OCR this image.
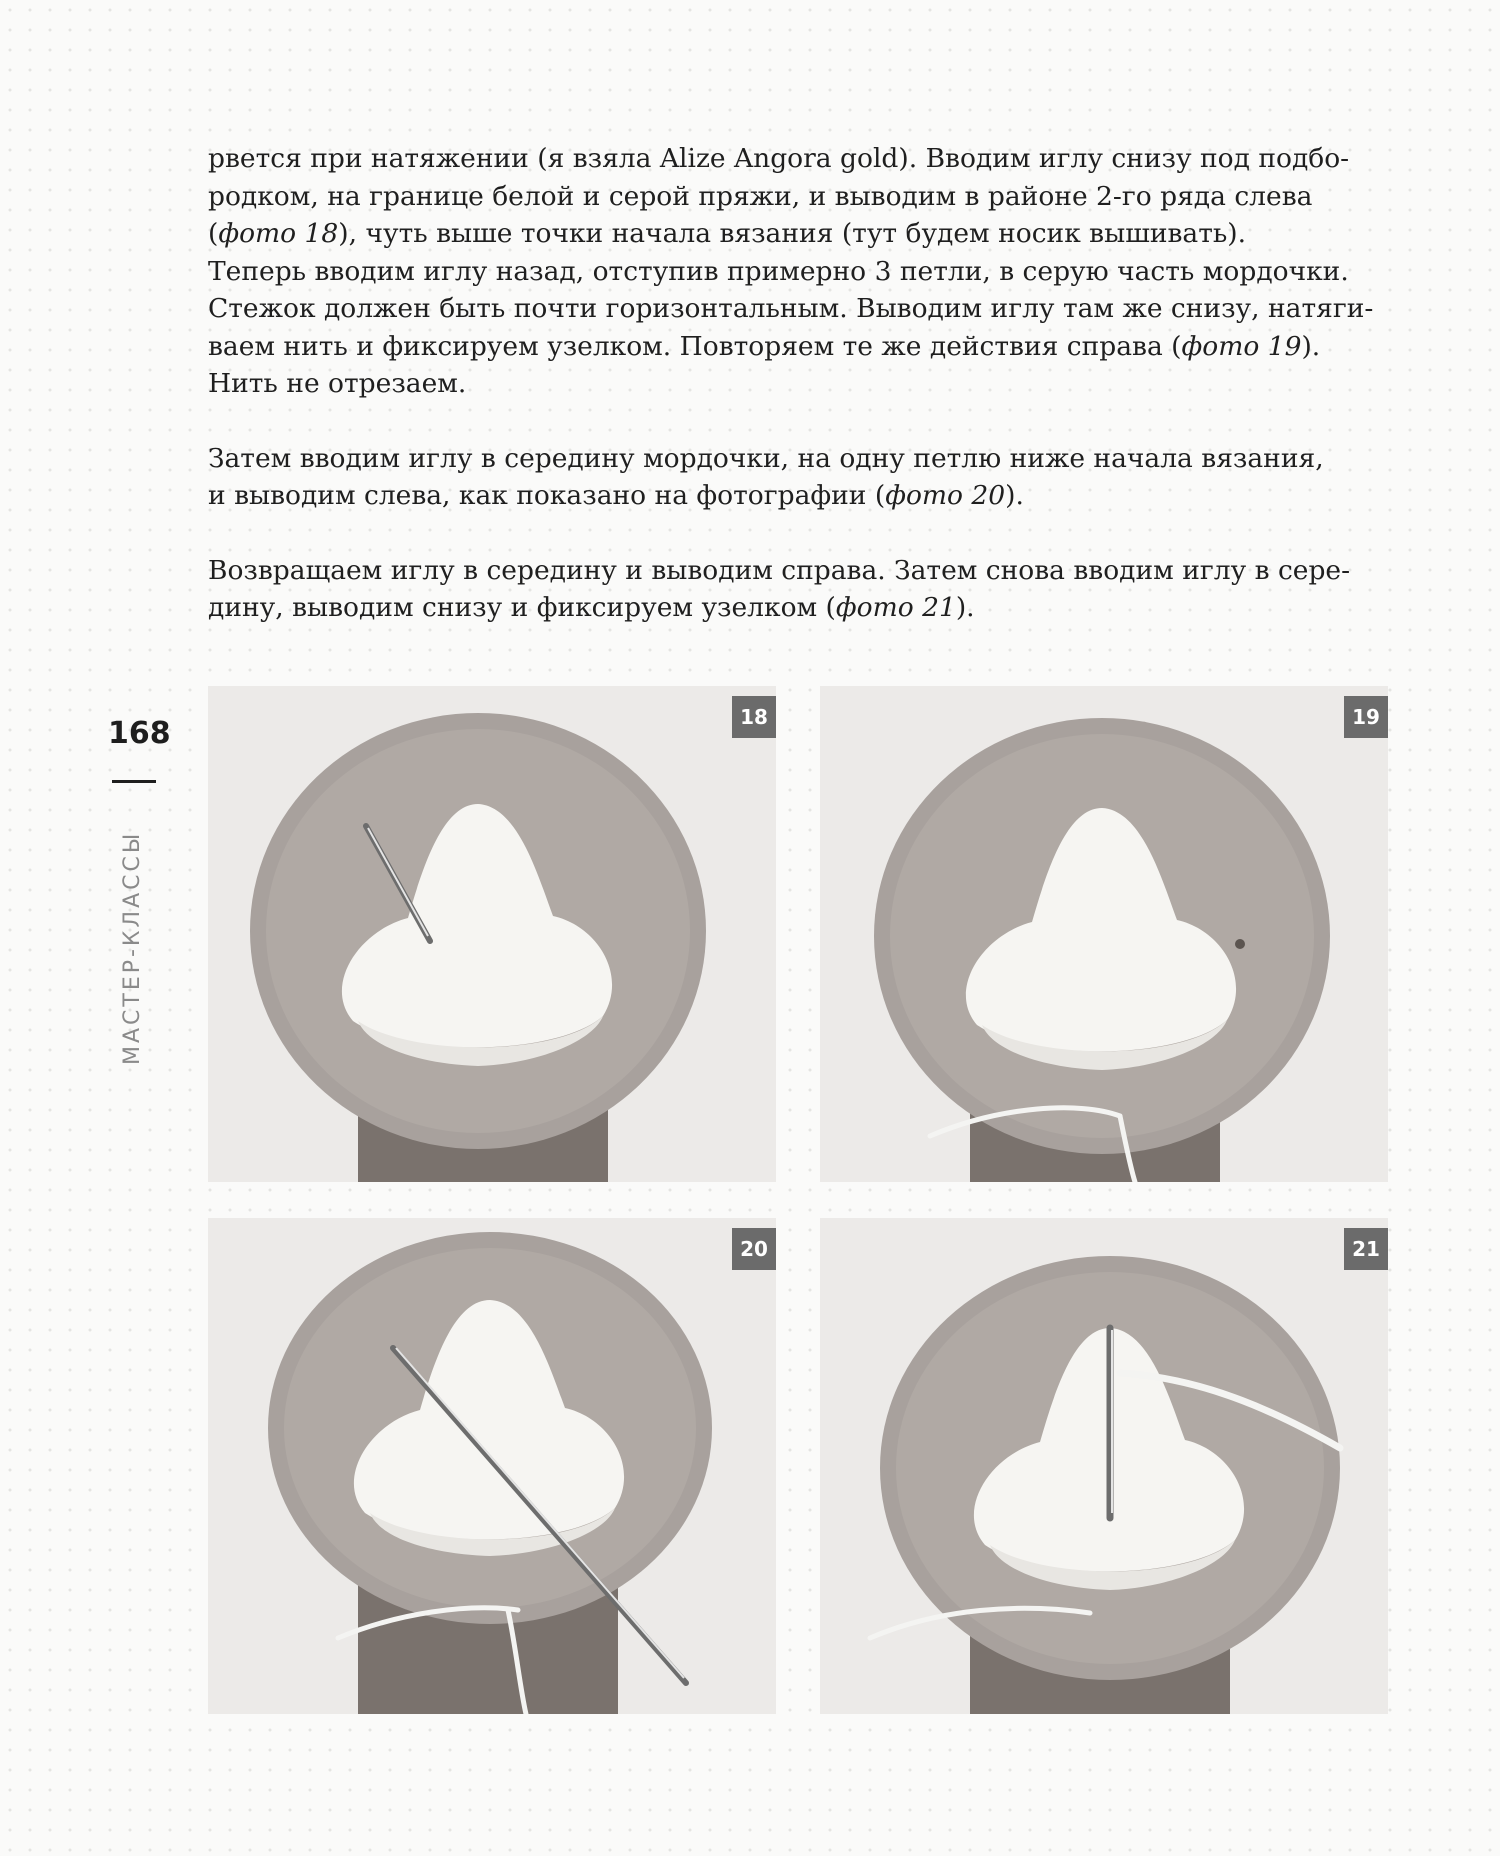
рвется при натяжении (я взяла Alize Angora gold). Вводим иглу снизу под подбо-
родком, на границе белой и серой пряжи, и выводим в районе 2-го ряда слева
(фото 18), чуть выше точки начала вязания (тут будем носик вышивать).
Теперь вводим иглу назад, отступив примерно 3 петли, в серую часть мордочки.
Стежок должен быть почти горизонтальным. Выводим иглу там же снизу, натяги-
ваем нить и фиксируем узелком. Повторяем те же действия справа (фото 19).
Нить не отрезаем.

Затем вводим иглу в середину мордочки, на одну петлю ниже начала вязания,
и выводим слева, как показано на фотографии (фото 20).

Возвращаем иглу в середину и выводим справа. Затем снова вводим иглу в сере-
дину, выводим снизу и фиксируем узелком (фото 21).

168
МАСТЕР-КЛАССЫ
18	19
20	21
